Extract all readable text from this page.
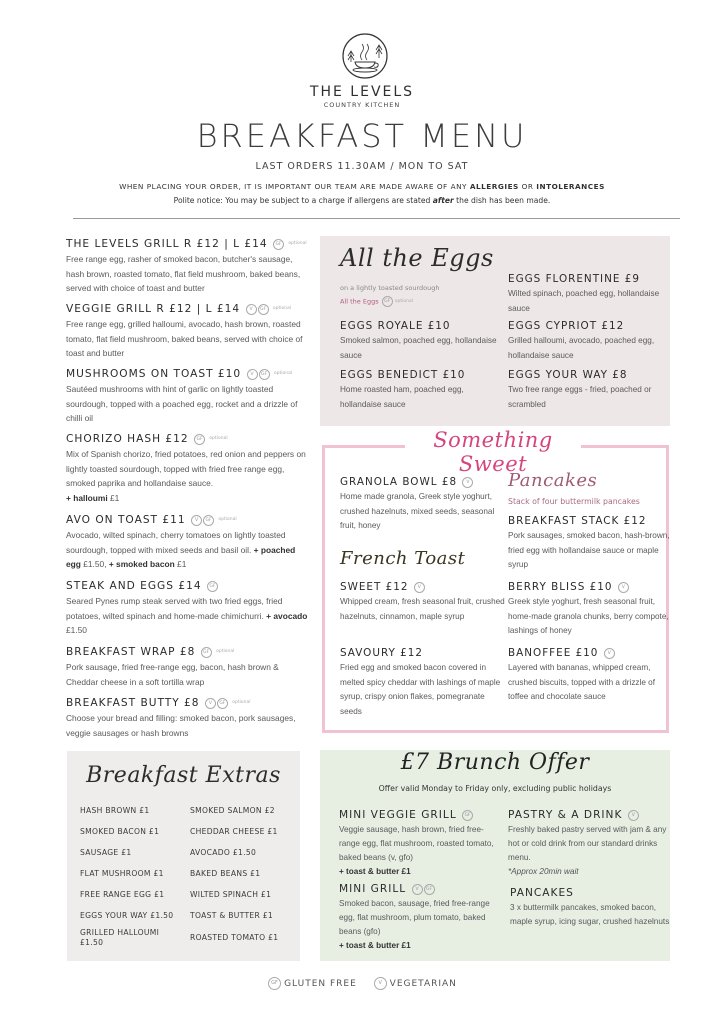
THE LEVELS
COUNTRY KITCHEN
BREAKFAST MENU
LAST ORDERS 11.30AM / MON TO SAT
WHEN PLACING YOUR ORDER, IT IS IMPORTANT OUR TEAM ARE MADE AWARE OF ANY ALLERGIES OR INTOLERANCES
Polite notice: You may be subject to a charge if allergens are stated after the dish has been made.
THE LEVELS GRILL R £12 | L £14 GF optional
Free range egg, rasher of smoked bacon, butcher's sausage, hash brown, roasted tomato, flat field mushroom, baked beans, served with choice of toast and butter
VEGGIE GRILL R £12 | L £14 V GF optional
Free range egg, grilled halloumi, avocado, hash brown, roasted tomato, flat field mushroom, baked beans, served with choice of toast and butter
MUSHROOMS ON TOAST £10 V GF optional
Sautéed mushrooms with hint of garlic on lightly toasted sourdough, topped with a poached egg, rocket and a drizzle of chilli oil
CHORIZO HASH £12 GF optional
Mix of Spanish chorizo, fried potatoes, red onion and peppers on lightly toasted sourdough, topped with fried free range egg, smoked paprika and hollandaise sauce.
+ halloumi £1
AVO ON TOAST £11 V GF optional
Avocado, wilted spinach, cherry tomatoes on lightly toasted sourdough, topped with mixed seeds and basil oil. + poached egg £1.50, + smoked bacon £1
STEAK AND EGGS £14 GF
Seared Pynes rump steak served with two fried eggs, fried potatoes, wilted spinach and home-made chimichurri. + avocado £1.50
BREAKFAST WRAP £8 GF optional
Pork sausage, fried free-range egg, bacon, hash brown & Cheddar cheese in a soft tortilla wrap
BREAKFAST BUTTY £8 V GF optional
Choose your bread and filling: smoked bacon, pork sausages, veggie sausages or hash browns
All the Eggs
on a lightly toasted sourdough
All the Eggs GF optional
EGGS FLORENTINE £9
Wilted spinach, poached egg, hollandaise sauce
EGGS ROYALE £10
Smoked salmon, poached egg, hollandaise sauce
EGGS CYPRIOT £12
Grilled halloumi, avocado, poached egg, hollandaise sauce
EGGS BENEDICT £10
Home roasted ham, poached egg, hollandaise sauce
EGGS YOUR WAY £8
Two free range eggs - fried, poached or scrambled
Something Sweet
Pancakes
Stack of four buttermilk pancakes
French Toast
GRANOLA BOWL £8 V
Home made granola, Greek style yoghurt, crushed hazelnuts, mixed seeds, seasonal fruit, honey	BREAKFAST STACK £12
Pork sausages, smoked bacon, hash-brown, fried egg with hollandaise sauce or maple syrup
SWEET £12 V
Whipped cream, fresh seasonal fruit, crushed hazelnuts, cinnamon, maple syrup
BERRY BLISS £10 V
Greek style yoghurt, fresh seasonal fruit, home-made granola chunks, berry compote, lashings of honey
SAVOURY £12
Fried egg and smoked bacon covered in melted spicy cheddar with lashings of maple syrup, crispy onion flakes, pomegranate seeds
BANOFFEE £10 V
Layered with bananas, whipped cream, crushed biscuits, topped with a drizzle of toffee and chocolate sauce
Breakfast Extras
HASH BROWN £1
SMOKED BACON £1
SAUSAGE £1
FLAT MUSHROOM £1
FREE RANGE EGG £1
EGGS YOUR WAY £1.50
GRILLED HALLOUMI £1.50
SMOKED SALMON £2
CHEDDAR CHEESE £1
AVOCADO £1.50
BAKED BEANS £1
WILTED SPINACH £1
TOAST & BUTTER £1
ROASTED TOMATO £1
£7 Brunch Offer
Offer valid Monday to Friday only, excluding public holidays
MINI VEGGIE GRILL GF
Veggie sausage, hash brown, fried free-range egg, flat mushroom, roasted tomato, baked beans (v, gfo)
+ toast & butter £1
PASTRY & A DRINK V
Freshly baked pastry served with jam & any hot or cold drink from our standard drinks menu.
*Approx 20min wait
MINI GRILL V GF
Smoked bacon, sausage, fried free-range egg, flat mushroom, plum tomato, baked beans (gfo)
+ toast & butter £1
PANCAKES
3 x buttermilk pancakes, smoked bacon, maple syrup, icing sugar, crushed hazelnuts
GF GLUTEN FREE	V VEGETARIAN
